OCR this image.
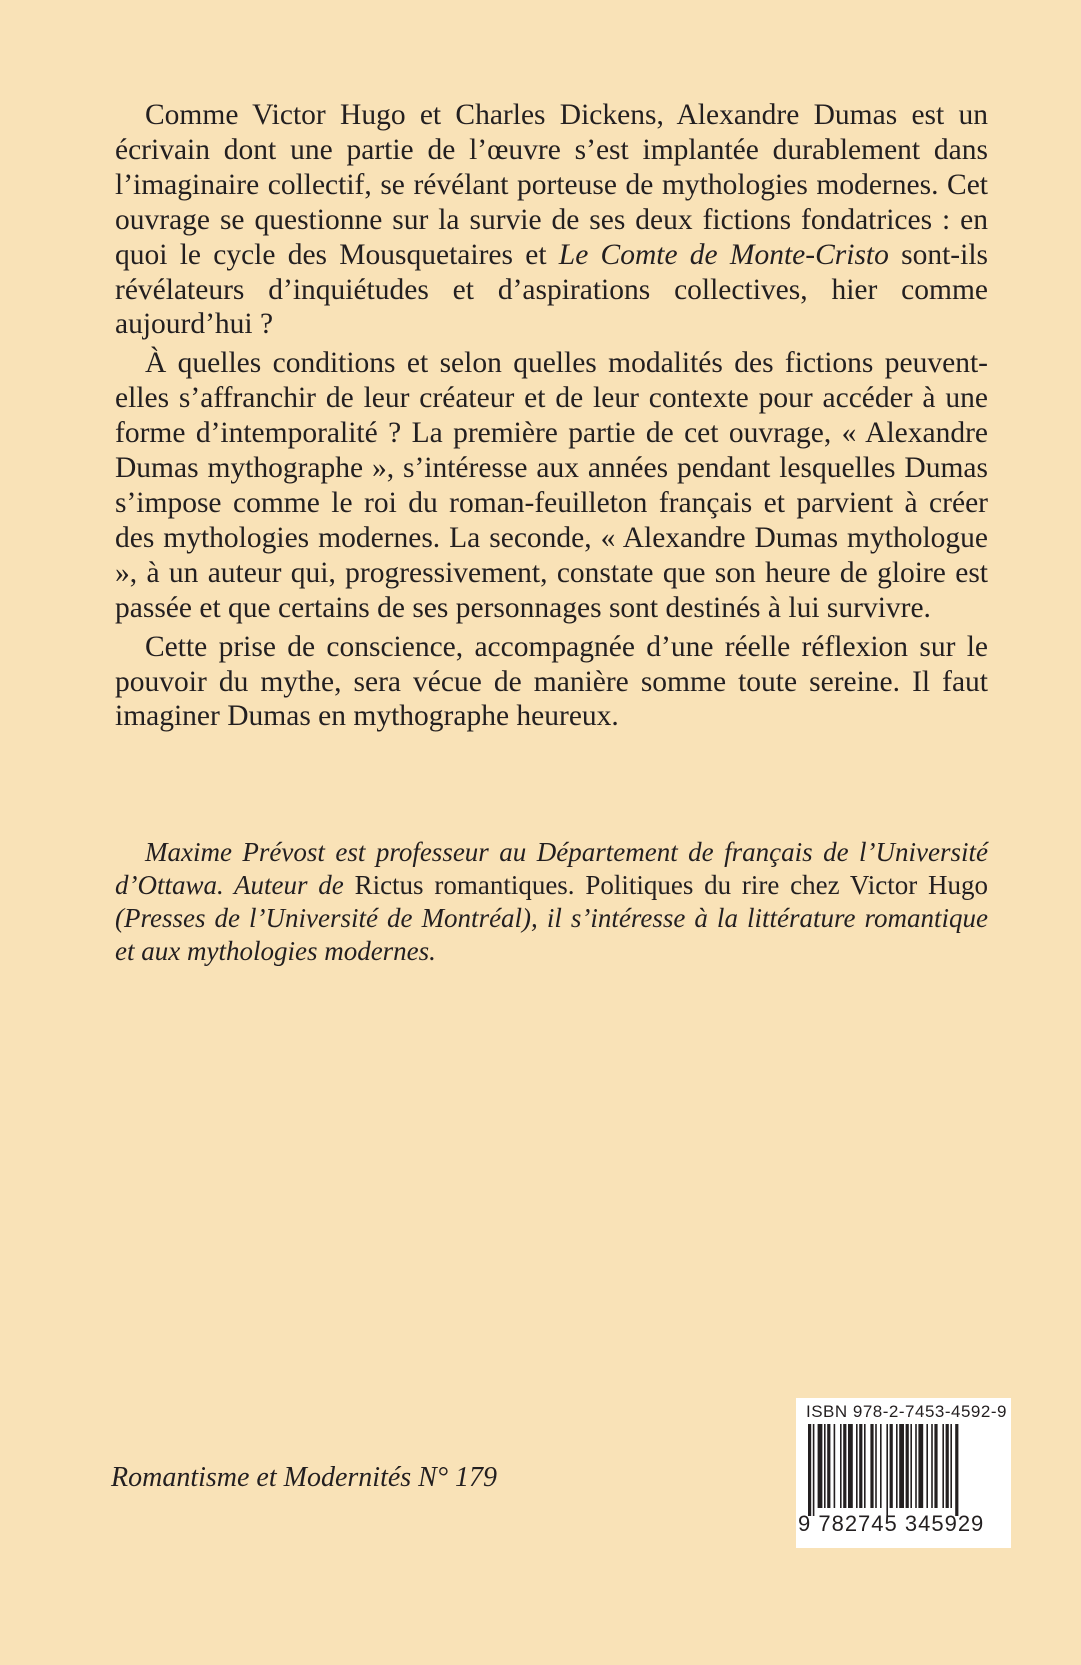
Comme Victor Hugo et Charles Dickens, Alexandre Dumas est un écrivain dont une partie de l’œuvre s’est implantée durablement dans l’imaginaire collectif, se révélant porteuse de mythologies modernes. Cet ouvrage se questionne sur la survie de ses deux fictions fondatrices : en quoi le cycle des Mousquetaires et Le Comte de Monte-Cristo sont-ils révélateurs d’inquiétudes et d’aspirations collectives, hier comme aujourd’hui ?

À quelles conditions et selon quelles modalités des fictions peuvent-elles s’affranchir de leur créateur et de leur contexte pour accéder à une forme d’intemporalité ? La première partie de cet ouvrage, « Alexandre Dumas mythographe », s’intéresse aux années pendant lesquelles Dumas s’impose comme le roi du roman-feuilleton français et parvient à créer des mythologies modernes. La seconde, « Alexandre Dumas mythologue », à un auteur qui, progressivement, constate que son heure de gloire est passée et que certains de ses personnages sont destinés à lui survivre.

Cette prise de conscience, accompagnée d’une réelle réflexion sur le pouvoir du mythe, sera vécue de manière somme toute sereine. Il faut imaginer Dumas en mythographe heureux.

Maxime Prévost est professeur au Département de français de l’Université d’Ottawa. Auteur de Rictus romantiques. Politiques du rire chez Victor Hugo (Presses de l’Université de Montréal), il s’intéresse à la littérature romantique et aux mythologies modernes.
Romantisme et Modernités N° 179
ISBN 978-2-7453-4592-9
9 782745 345929
